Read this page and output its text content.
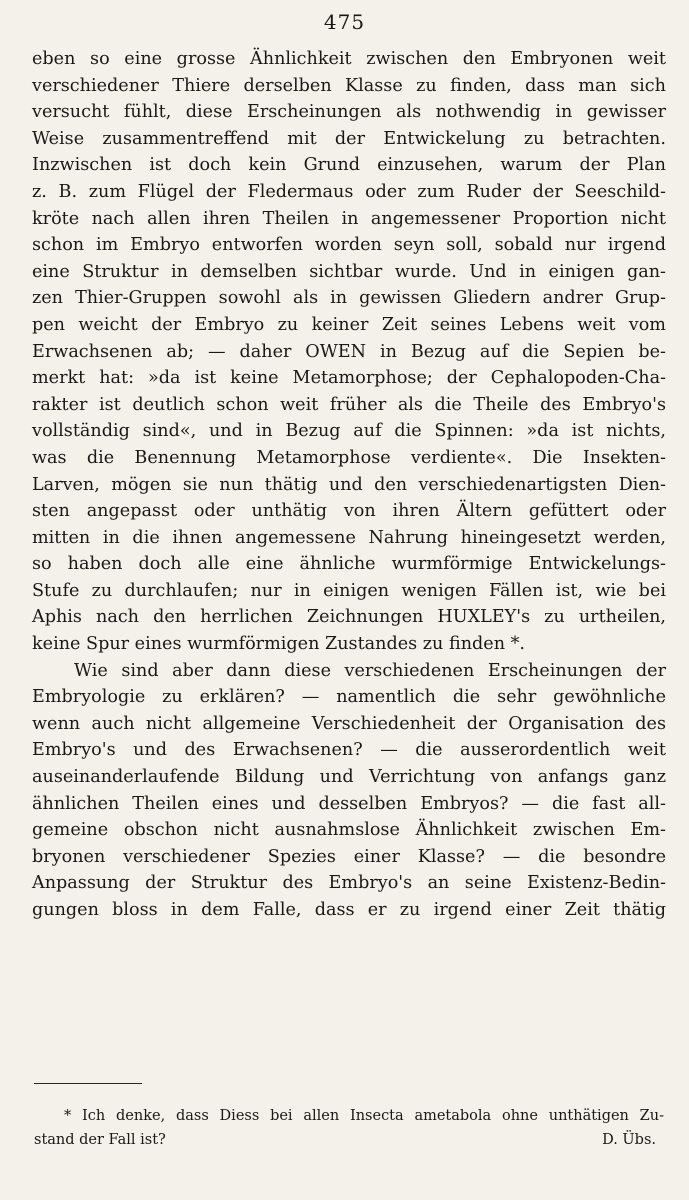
475
eben so eine grosse Ähnlichkeit zwischen den Embryonen weit
verschiedener Thiere derselben Klasse zu finden, dass man sich
versucht fühlt, diese Erscheinungen als nothwendig in gewisser
Weise zusammentreffend mit der Entwickelung zu betrachten.
Inzwischen ist doch kein Grund einzusehen, warum der Plan
z. B. zum Flügel der Fledermaus oder zum Ruder der Seeschild-
kröte nach allen ihren Theilen in angemessener Proportion nicht
schon im Embryo entworfen worden seyn soll, sobald nur irgend
eine Struktur in demselben sichtbar wurde. Und in einigen gan-
zen Thier-Gruppen sowohl als in gewissen Gliedern andrer Grup-
pen weicht der Embryo zu keiner Zeit seines Lebens weit vom
Erwachsenen ab; — daher OWEN in Bezug auf die Sepien be-
merkt hat: »da ist keine Metamorphose; der Cephalopoden-Cha-
rakter ist deutlich schon weit früher als die Theile des Embryo's
vollständig sind«, und in Bezug auf die Spinnen: »da ist nichts,
was die Benennung Metamorphose verdiente«. Die Insekten-
Larven, mögen sie nun thätig und den verschiedenartigsten Dien-
sten angepasst oder unthätig von ihren Ältern gefüttert oder
mitten in die ihnen angemessene Nahrung hineingesetzt werden,
so haben doch alle eine ähnliche wurmförmige Entwickelungs-
Stufe zu durchlaufen; nur in einigen wenigen Fällen ist, wie bei
Aphis nach den herrlichen Zeichnungen HUXLEY's zu urtheilen,
keine Spur eines wurmförmigen Zustandes zu finden *.
Wie sind aber dann diese verschiedenen Erscheinungen der
Embryologie zu erklären? — namentlich die sehr gewöhnliche
wenn auch nicht allgemeine Verschiedenheit der Organisation des
Embryo's und des Erwachsenen? — die ausserordentlich weit
auseinanderlaufende Bildung und Verrichtung von anfangs ganz
ähnlichen Theilen eines und desselben Embryos? — die fast all-
gemeine obschon nicht ausnahmslose Ähnlichkeit zwischen Em-
bryonen verschiedener Spezies einer Klasse? — die besondre
Anpassung der Struktur des Embryo's an seine Existenz-Bedin-
gungen bloss in dem Falle, dass er zu irgend einer Zeit thätig
* Ich denke, dass Diess bei allen Insecta ametabola ohne unthätigen Zu-
stand der Fall ist?	D. Übs.
